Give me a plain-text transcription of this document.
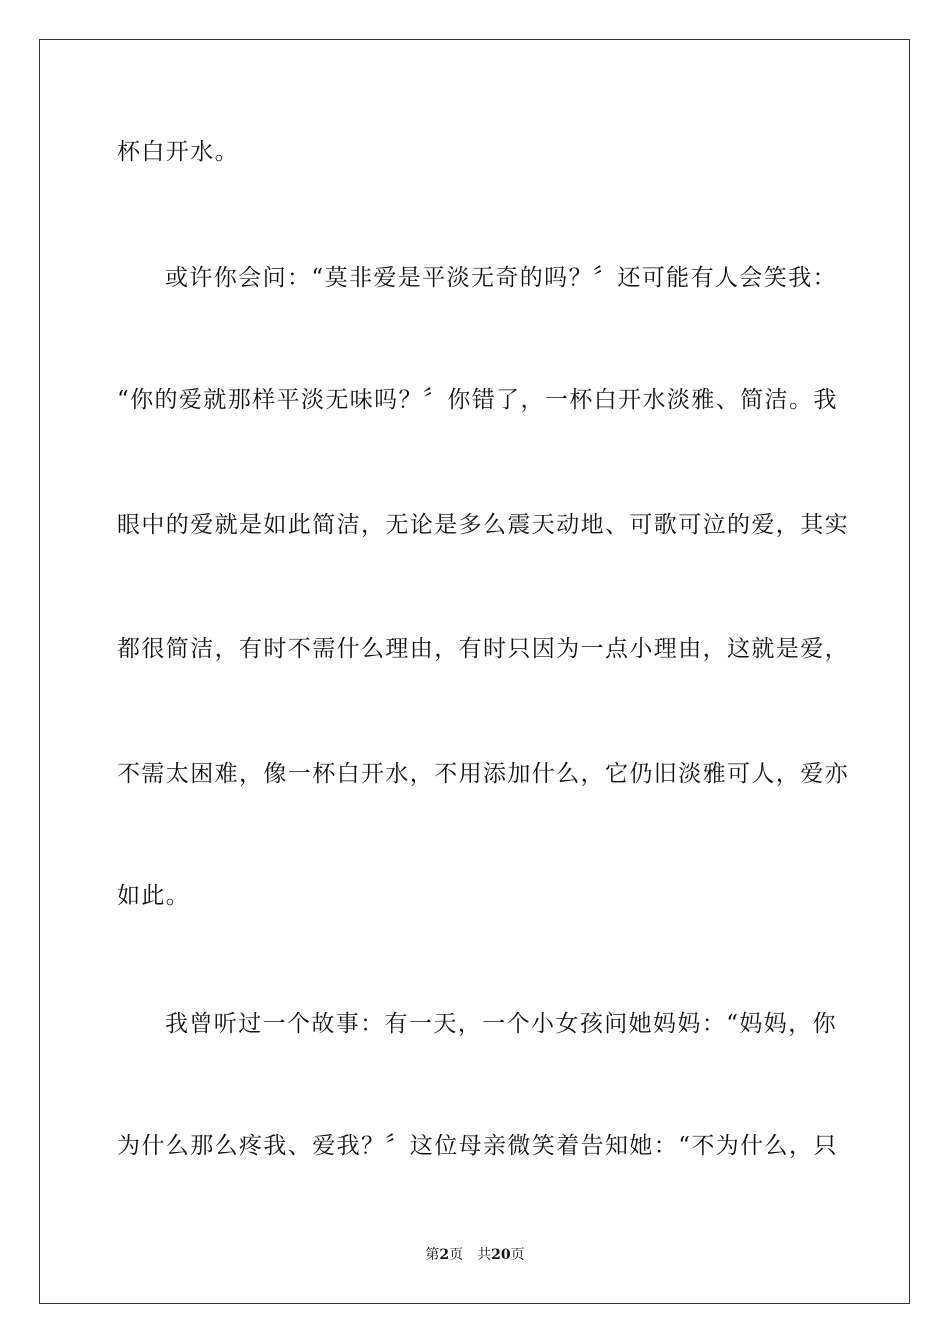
杯白开水。
或许你会问：“莫非爱是平淡无奇的吗？〞还可能有人会笑我：
“你的爱就那样平淡无味吗？〞你错了，一杯白开水淡雅、简洁。我
眼中的爱就是如此简洁，无论是多么震天动地、可歌可泣的爱，其实
都很简洁，有时不需什么理由，有时只因为一点小理由，这就是爱，
不需太困难，像一杯白开水，不用添加什么，它仍旧淡雅可人，爱亦
如此。
我曾听过一个故事：有一天，一个小女孩问她妈妈：“妈妈，你
为什么那么疼我、爱我？〞这位母亲微笑着告知她：“不为什么，只
第2页 共20页
